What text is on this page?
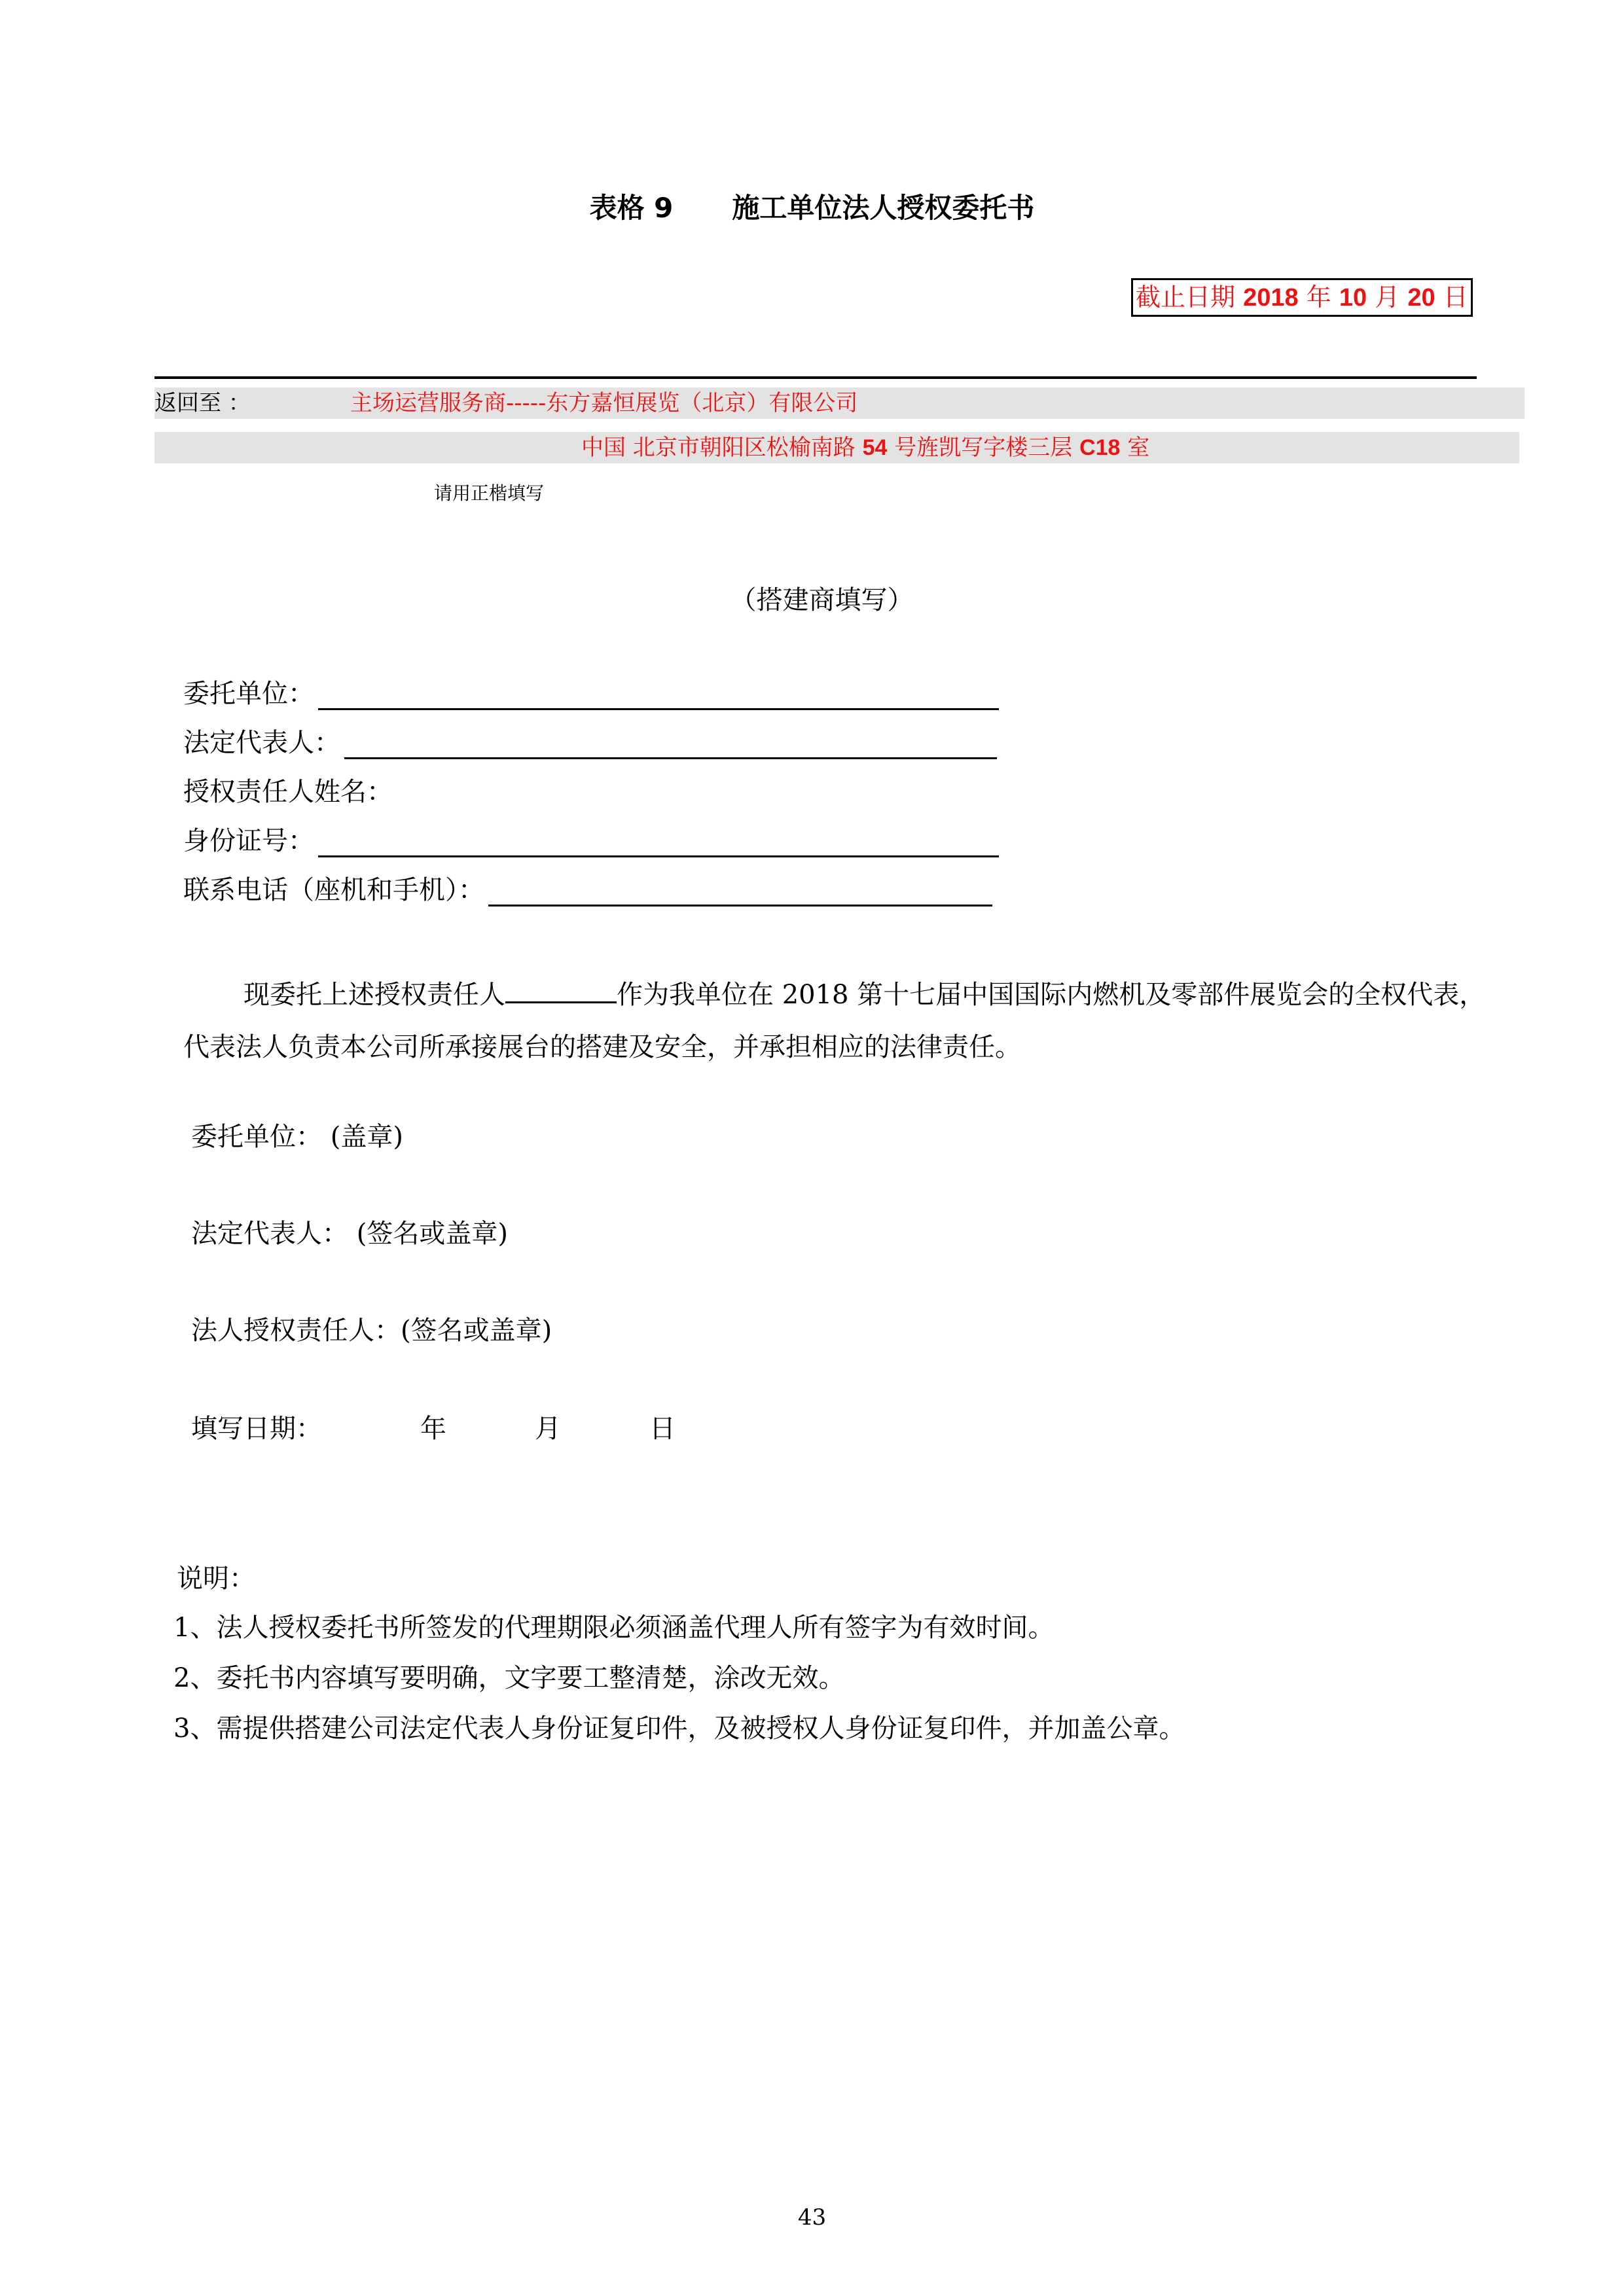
表格 9 施工单位法人授权委托书
截止日期 2018 年 10 月 20 日
返回至 ：	主场运营服务商-----东方嘉恒展览（北京）有限公司
中国 北京市朝阳区松榆南路 54 号旌凯写字楼三层 C18 室
请用正楷填写
（搭建商填写）
委托单位：
法定代表人：
授权责任人姓名：
身份证号：
联系电话（座机和手机）：
现委托上述授权责任人	作为我单位在 2018 第十七届中国国际内燃机及零部件展览会的全权代表，代表法人负责本公司所承接展台的搭建及安全，并承担相应的法律责任。
委托单位： (盖章)
法定代表人： (签名或盖章)
法人授权责任人：(签名或盖章)
填写日期：	年	月	日
说明：
1、法人授权委托书所签发的代理期限必须涵盖代理人所有签字为有效时间。
2、委托书内容填写要明确，文字要工整清楚，涂改无效。
3、需提供搭建公司法定代表人身份证复印件，及被授权人身份证复印件，并加盖公章。
43
